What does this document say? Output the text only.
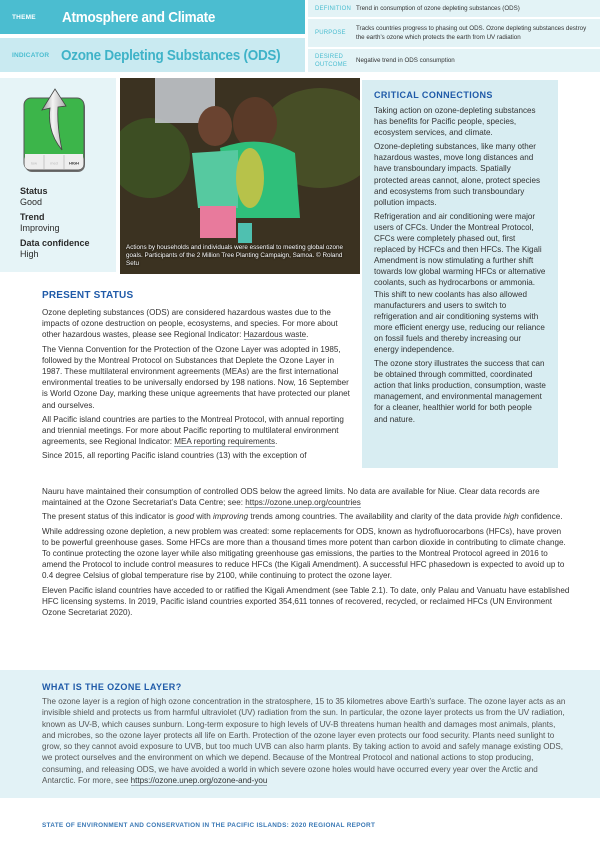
THEME	Atmosphere and Climate
INDICATOR Ozone Depleting Substances (ODS)
DEFINITION Trend in consumption of ozone depleting substances (ODS)
PURPOSE
Tracks countries progress to phasing out ODS. Ozone depleting substances destroy the earth’s ozone which protects the earth from UV radiation
DESIRED OUTCOME
Negative trend in ODS consumption
low	med	HIGH
Status
Good
Trend
Improving
Data confidence
High
Actions by households and individuals were essential to meeting global ozone goals. Participants of the 2 Million Tree Planting Campaign, Samoa. © Roland Setu
CRITICAL CONNECTIONS

Taking action on ozone-depleting substances has benefits for Pacific people, species, ecosystem services, and climate.

Ozone-depleting substances, like many other hazardous wastes, move long distances and have transboundary impacts. Spatially protected areas cannot, alone, protect species and ecosystems from such transboundary pollution impacts.

Refrigeration and air conditioning were major users of CFCs. Under the Montreal Protocol, CFCs were completely phased out, first replaced by HCFCs and then HFCs. The Kigali Amendment is now stimulating a further shift towards low global warming HFCs or alternative coolants, such as hydrocarbons or ammonia. This shift to new coolants has also allowed manufacturers and users to switch to refrigeration and air conditioning systems with more efficient energy use, reducing our reliance on fossil fuels and thereby increasing our energy independence.

The ozone story illustrates the success that can be obtained through committed, coordinated action that links production, consumption, waste management, and environmental management for a cleaner, healthier world for both people and nature.

PRESENT STATUS

Ozone depleting substances (ODS) are considered hazardous wastes due to the impacts of ozone destruction on people, ecosystems, and species. For more about other hazardous wastes, please see Regional Indicator: Hazardous waste.

The Vienna Convention for the Protection of the Ozone Layer was adopted in 1985, followed by the Montreal Protocol on Substances that Deplete the Ozone Layer in 1987. These multilateral environment agreements (MEAs) are the first international environmental treaties to be universally endorsed by 198 nations. Now, 16 September is World Ozone Day, marking these unique agreements that have protected our planet and ourselves.

All Pacific island countries are parties to the Montreal Protocol, with annual reporting and triennial meetings. For more about Pacific reporting to multilateral environment agreements, see Regional Indicator: MEA reporting requirements.

Since 2015, all reporting Pacific island countries (13) with the exception of

Nauru have maintained their consumption of controlled ODS below the agreed limits. No data are available for Niue. Clear data records are maintained at the Ozone Secretariat’s Data Centre; see: https://ozone.unep.org/countries

The present status of this indicator is good with improving trends among countries. The availability and clarity of the data provide high confidence.

While addressing ozone depletion, a new problem was created: some replacements for ODS, known as hydrofluorocarbons (HFCs), have proven to be powerful greenhouse gases. Some HFCs are more than a thousand times more potent than carbon dioxide in contributing to climate change. To continue protecting the ozone layer while also mitigating greenhouse gas emissions, the parties to the Montreal Protocol agreed in 2016 to amend the Protocol to include control measures to reduce HFCs (the Kigali Amendment). A successful HFC phasedown is expected to avoid up to 0.4 degree Celsius of global temperature rise by 2100, while continuing to protect the ozone layer.

Eleven Pacific island countries have acceded to or ratified the Kigali Amendment (see Table 2.1). To date, only Palau and Vanuatu have established HFC licensing systems. In 2019, Pacific island countries exported 354,611 tonnes of recovered, recycled, or reclaimed HFCs (UN Environment Ozone Secretariat 2020).

WHAT IS THE OZONE LAYER?

The ozone layer is a region of high ozone concentration in the stratosphere, 15 to 35 kilometres above Earth’s surface. The ozone layer acts as an invisible shield and protects us from harmful ultraviolet (UV) radiation from the sun. In particular, the ozone layer protects us from the UV radiation, known as UV-B, which causes sunburn. Long-term exposure to high levels of UV-B threatens human health and damages most animals, plants, and microbes, so the ozone layer protects all life on Earth. Protection of the ozone layer even protects our food security. Plants need sunlight to grow, so they cannot avoid exposure to UVB, but too much UVB can also harm plants. By taking action to avoid and safely manage existing ODS, we protect ourselves and the environment on which we depend. Because of the Montreal Protocol and national actions to stop producing, consuming, and releasing ODS, we have avoided a world in which severe ozone holes would have occurred every year over the Arctic and Antarctic. For more, see https://ozone.unep.org/ozone-and-you

STATE OF ENVIRONMENT AND CONSERVATION IN THE PACIFIC ISLANDS: 2020 REGIONAL REPORT
